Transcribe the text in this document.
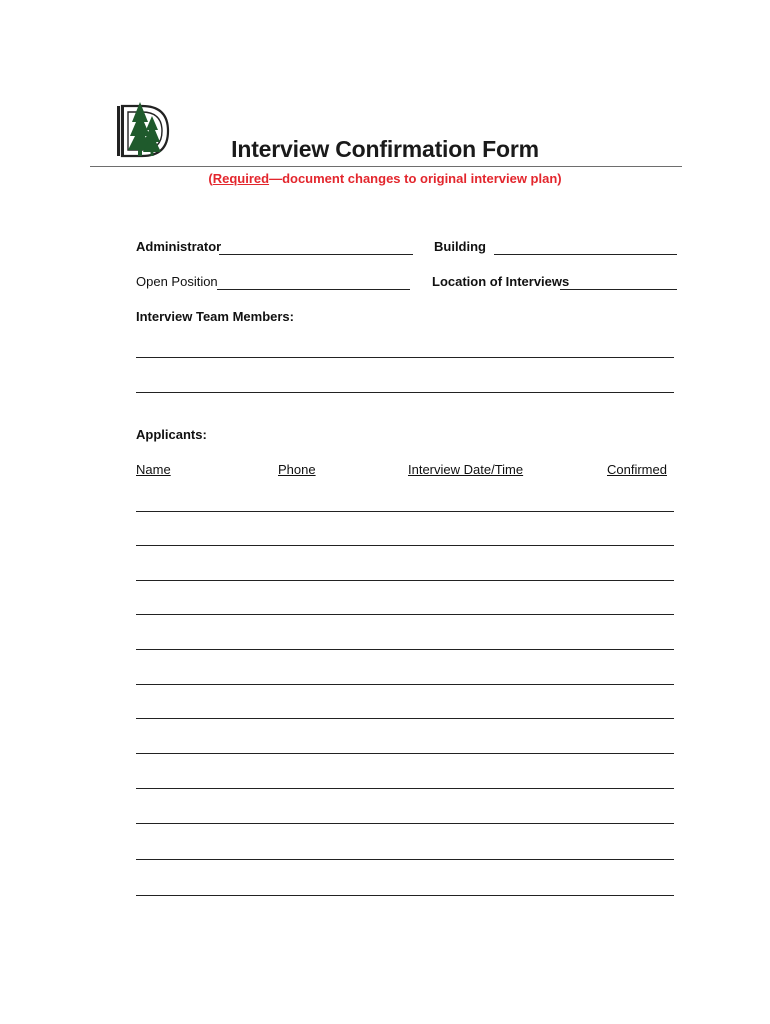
Interview Confirmation Form
(Required—document changes to original interview plan)
Administrator	Building
Open Position	Location of Interviews
Interview Team Members:
Applicants:
Name	Phone	Interview Date/Time	Confirmed
